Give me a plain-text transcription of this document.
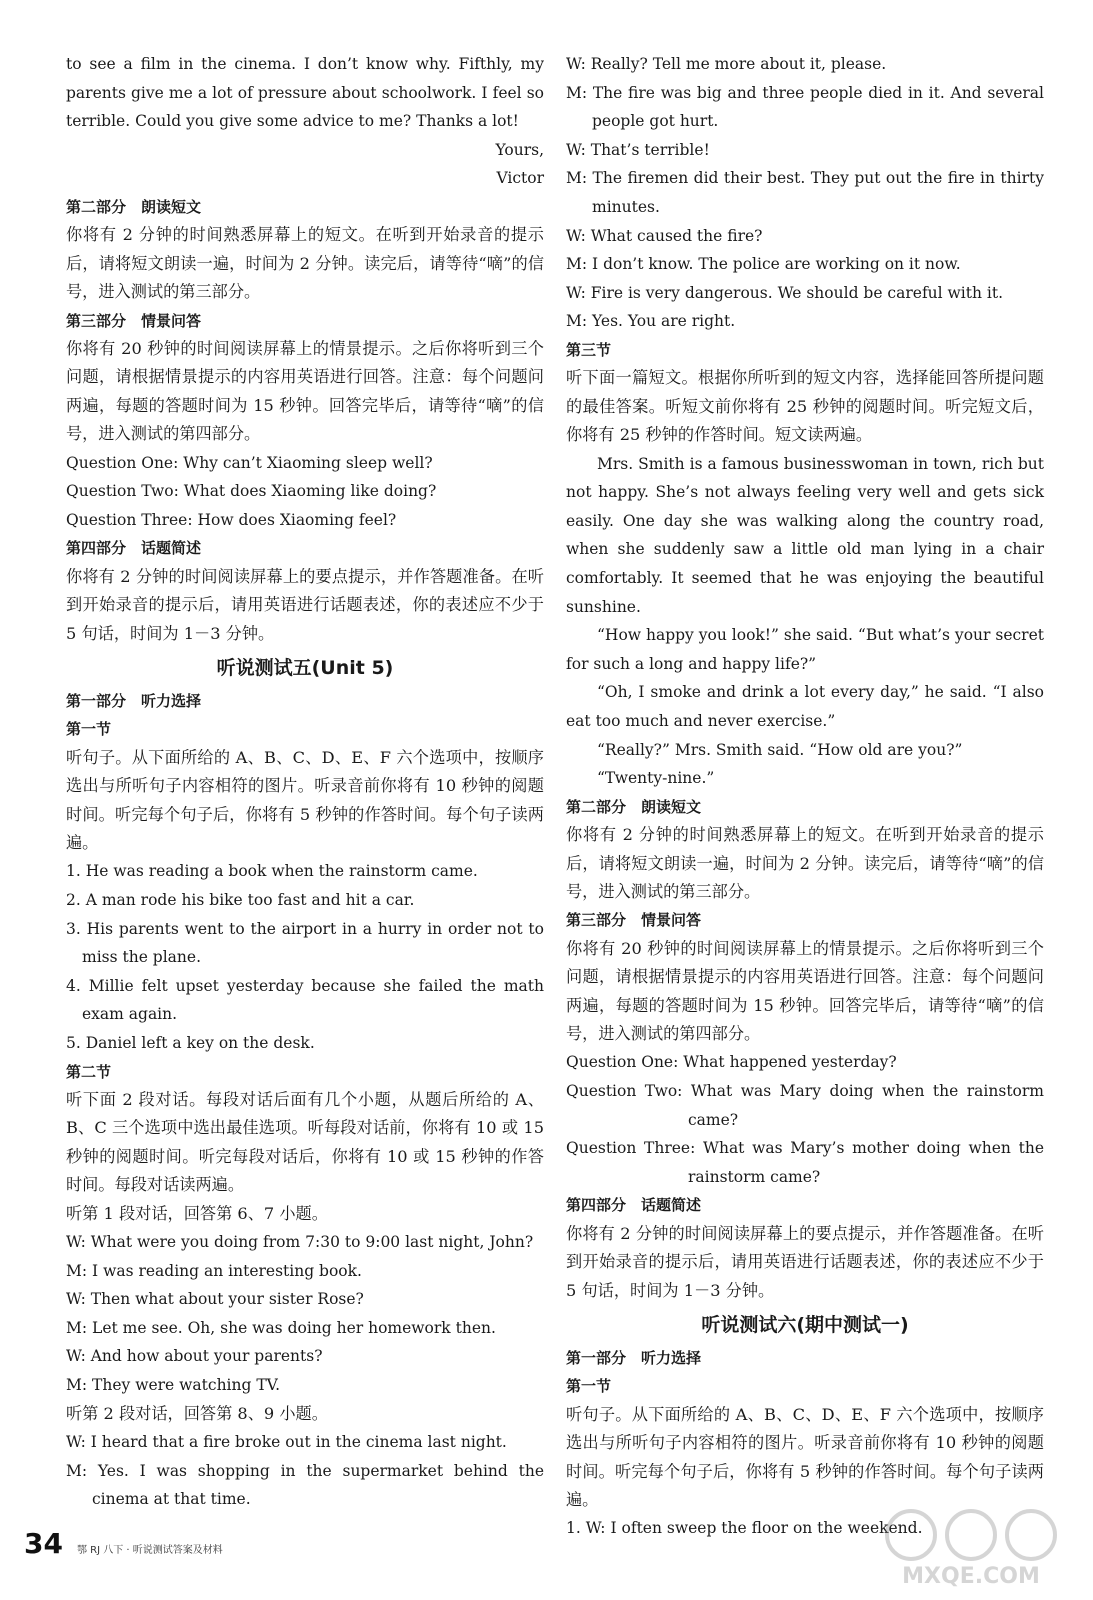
to see a film in the cinema. I don’t know why. Fifthly, my parents give me a lot of pressure about schoolwork. I feel so terrible. Could you give some advice to me? Thanks a lot!

Yours,

Victor

第二部分　朗读短文

你将有 2 分钟的时间熟悉屏幕上的短文。在听到开始录音的提示后，请将短文朗读一遍，时间为 2 分钟。读完后，请等待“嘀”的信号，进入测试的第三部分。

第三部分　情景问答

你将有 20 秒钟的时间阅读屏幕上的情景提示。之后你将听到三个问题，请根据情景提示的内容用英语进行回答。注意：每个问题问两遍，每题的答题时间为 15 秒钟。回答完毕后，请等待“嘀”的信号，进入测试的第四部分。

Question One: Why can’t Xiaoming sleep well?

Question Two: What does Xiaoming like doing?

Question Three: How does Xiaoming feel?

第四部分　话题简述

你将有 2 分钟的时间阅读屏幕上的要点提示，并作答题准备。在听到开始录音的提示后，请用英语进行话题表述，你的表述应不少于 5 句话，时间为 1－3 分钟。

听说测试五(Unit 5)

第一部分　听力选择

第一节

听句子。从下面所给的 A、B、C、D、E、F 六个选项中，按顺序选出与所听句子内容相符的图片。听录音前你将有 10 秒钟的阅题时间。听完每个句子后，你将有 5 秒钟的作答时间。每个句子读两遍。

1. He was reading a book when the rainstorm came.

2. A man rode his bike too fast and hit a car.

3. His parents went to the airport in a hurry in order not to miss the plane.

4. Millie felt upset yesterday because she failed the math exam again.

5. Daniel left a key on the desk.

第二节

听下面 2 段对话。每段对话后面有几个小题，从题后所给的 A、B、C 三个选项中选出最佳选项。听每段对话前，你将有 10 或 15 秒钟的阅题时间。听完每段对话后，你将有 10 或 15 秒钟的作答时间。每段对话读两遍。

听第 1 段对话，回答第 6、7 小题。

W: What were you doing from 7:30 to 9:00 last night, John?

M: I was reading an interesting book.

W: Then what about your sister Rose?

M: Let me see. Oh, she was doing her homework then.

W: And how about your parents?

M: They were watching TV.

听第 2 段对话，回答第 8、9 小题。

W: I heard that a fire broke out in the cinema last night.

M: Yes. I was shopping in the supermarket behind the cinema at that time.

W: Really? Tell me more about it, please.

M: The fire was big and three people died in it. And several people got hurt.

W: That’s terrible!

M: The firemen did their best. They put out the fire in thirty minutes.

W: What caused the fire?

M: I don’t know. The police are working on it now.

W: Fire is very dangerous. We should be careful with it.

M: Yes. You are right.

第三节

听下面一篇短文。根据你所听到的短文内容，选择能回答所提问题的最佳答案。听短文前你将有 25 秒钟的阅题时间。听完短文后，你将有 25 秒钟的作答时间。短文读两遍。

Mrs. Smith is a famous businesswoman in town, rich but not happy. She’s not always feeling very well and gets sick easily. One day she was walking along the country road, when she suddenly saw a little old man lying in a chair comfortably. It seemed that he was enjoying the beautiful sunshine.

“How happy you look!” she said. “But what’s your secret for such a long and happy life?”

“Oh, I smoke and drink a lot every day,” he said. “I also eat too much and never exercise.”

“Really?” Mrs. Smith said. “How old are you?”

“Twenty-nine.”

第二部分　朗读短文

你将有 2 分钟的时间熟悉屏幕上的短文。在听到开始录音的提示后，请将短文朗读一遍，时间为 2 分钟。读完后，请等待“嘀”的信号，进入测试的第三部分。

第三部分　情景问答

你将有 20 秒钟的时间阅读屏幕上的情景提示。之后你将听到三个问题，请根据情景提示的内容用英语进行回答。注意：每个问题问两遍，每题的答题时间为 15 秒钟。回答完毕后，请等待“嘀”的信号，进入测试的第四部分。

Question One: What happened yesterday?

Question Two: What was Mary doing when the rainstorm came?

Question Three: What was Mary’s mother doing when the rainstorm came?

第四部分　话题简述

你将有 2 分钟的时间阅读屏幕上的要点提示，并作答题准备。在听到开始录音的提示后，请用英语进行话题表述，你的表述应不少于 5 句话，时间为 1－3 分钟。

听说测试六(期中测试一)

第一部分　听力选择

第一节

听句子。从下面所给的 A、B、C、D、E、F 六个选项中，按顺序选出与所听句子内容相符的图片。听录音前你将有 10 秒钟的阅题时间。听完每个句子后，你将有 5 秒钟的作答时间。每个句子读两遍。

1. W: I often sweep the floor on the weekend.

34 鄂 RJ 八下 · 听说测试答案及材料
MXQE.COM
